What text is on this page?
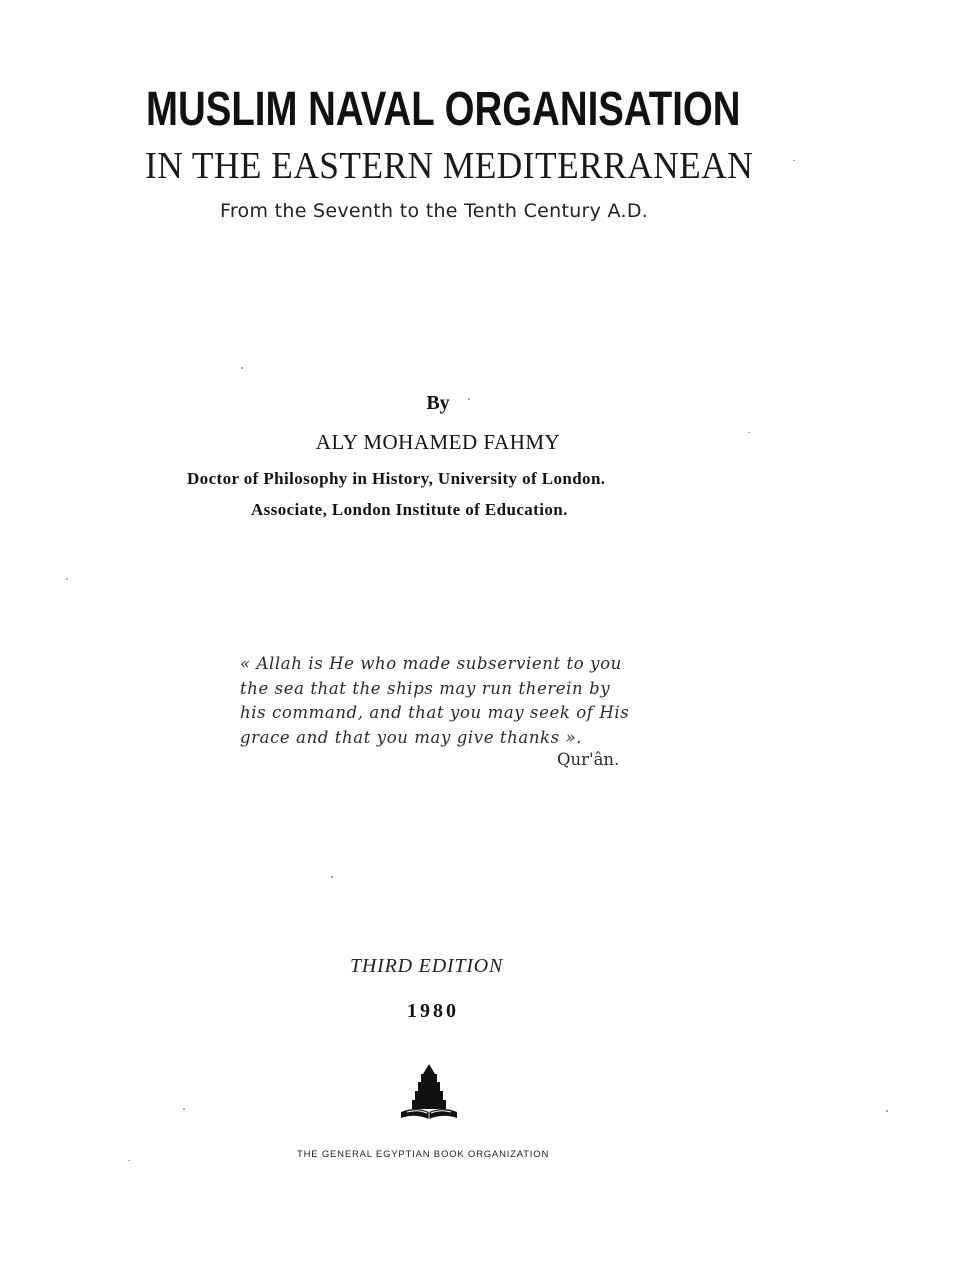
MUSLIM NAVAL ORGANISATION
IN THE EASTERN MEDITERRANEAN
From the Seventh to the Tenth Century A.D.
By
ALY MOHAMED FAHMY
Doctor of Philosophy in History, University of London.
Associate, London Institute of Education.
« Allah is He who made subservient to you
the sea that the ships may run therein by
his command, and that you may seek of His
grace and that you may give thanks ».
Qur'ân.
THIRD EDITION
1980
THE GENERAL EGYPTIAN BOOK ORGANIZATION
